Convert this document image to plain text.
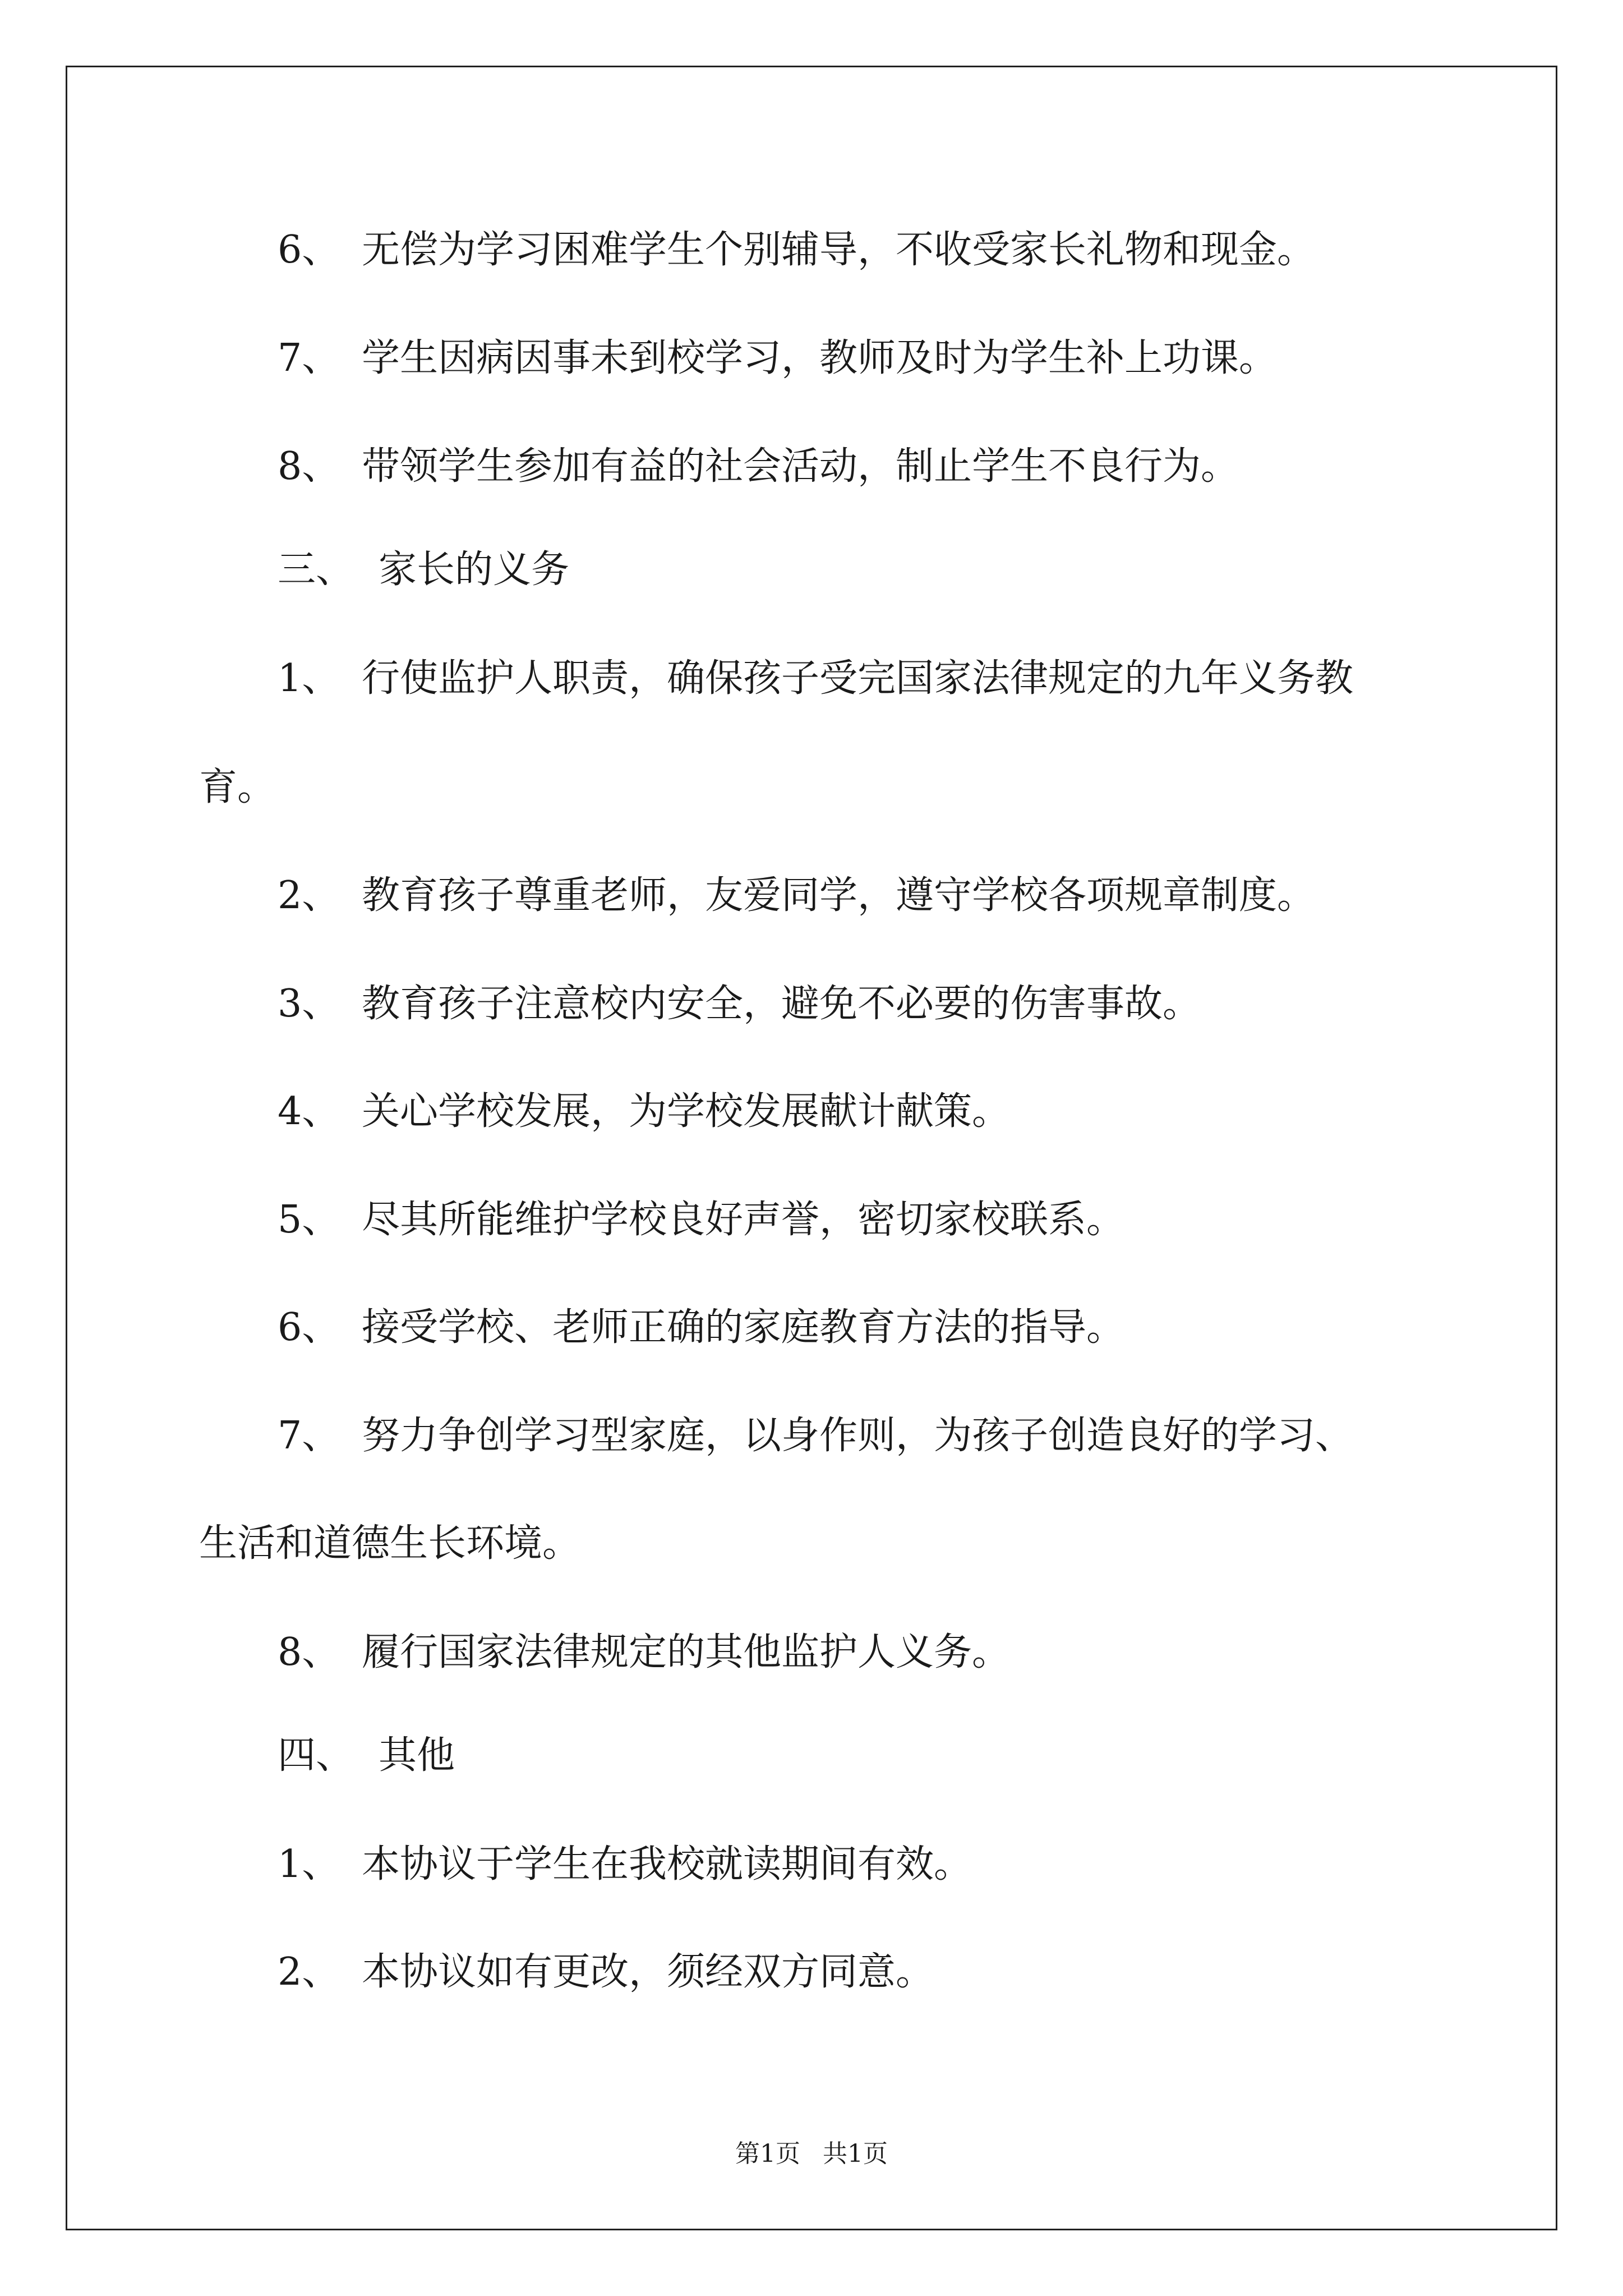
6、 无偿为学习困难学生个别辅导，不收受家长礼物和现金。

7、 学生因病因事未到校学习，教师及时为学生补上功课。

8、 带领学生参加有益的社会活动，制止学生不良行为。

三、 家长的义务

1、 行使监护人职责，确保孩子受完国家法律规定的九年义务教

育。

2、 教育孩子尊重老师，友爱同学，遵守学校各项规章制度。

3、 教育孩子注意校内安全，避免不必要的伤害事故。

4、 关心学校发展，为学校发展献计献策。

5、 尽其所能维护学校良好声誉，密切家校联系。

6、 接受学校、老师正确的家庭教育方法的指导。

7、 努力争创学习型家庭，以身作则，为孩子创造良好的学习、

生活和道德生长环境。

8、 履行国家法律规定的其他监护人义务。

四、 其他

1、 本协议于学生在我校就读期间有效。

2、 本协议如有更改，须经双方同意。

第1页 共1页
